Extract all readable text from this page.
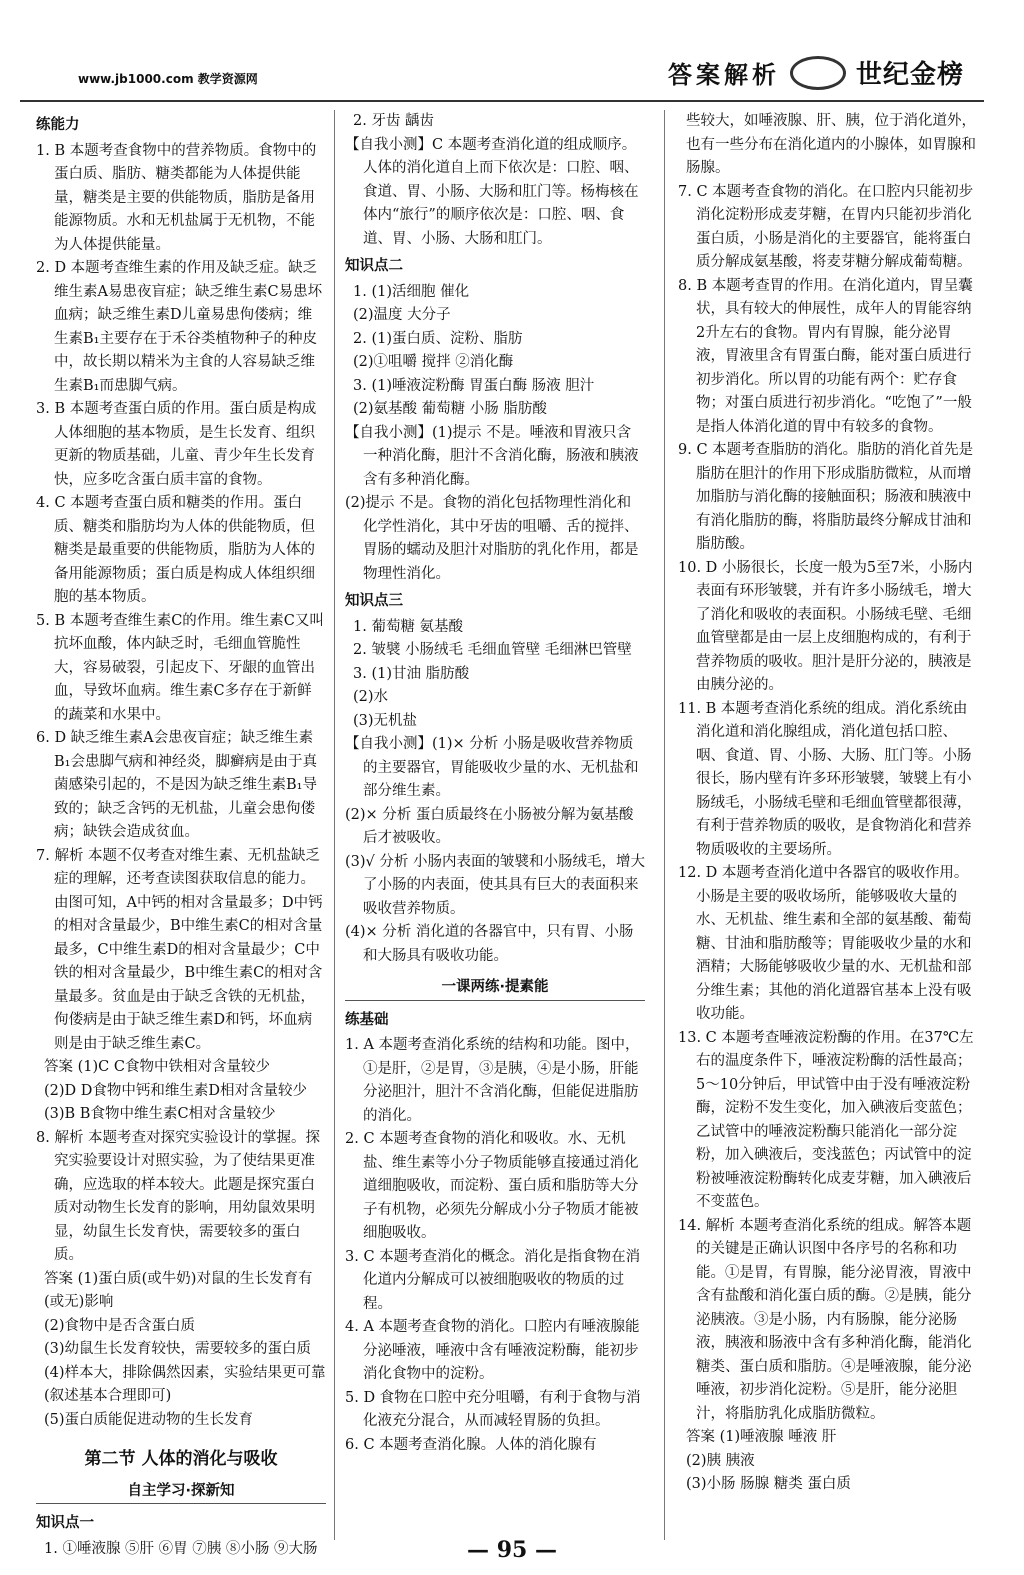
www.jb1000.com 教学资源网	答案解析	世纪金榜
练能力
1. B 本题考查食物中的营养物质。食物中的蛋白质、脂肪、糖类都能为人体提供能量，糖类是主要的供能物质，脂肪是备用能源物质。水和无机盐属于无机物，不能为人体提供能量。
2. D 本题考查维生素的作用及缺乏症。缺乏维生素A易患夜盲症；缺乏维生素C易患坏血病；缺乏维生素D儿童易患佝偻病；维生素B₁主要存在于禾谷类植物种子的种皮中，故长期以精米为主食的人容易缺乏维生素B₁而患脚气病。
3. B 本题考查蛋白质的作用。蛋白质是构成人体细胞的基本物质，是生长发育、组织更新的物质基础，儿童、青少年生长发育快，应多吃含蛋白质丰富的食物。
4. C 本题考查蛋白质和糖类的作用。蛋白质、糖类和脂肪均为人体的供能物质，但糖类是最重要的供能物质，脂肪为人体的备用能源物质；蛋白质是构成人体组织细胞的基本物质。
5. B 本题考查维生素C的作用。维生素C又叫抗坏血酸，体内缺乏时，毛细血管脆性大，容易破裂，引起皮下、牙龈的血管出血，导致坏血病。维生素C多存在于新鲜的蔬菜和水果中。
6. D 缺乏维生素A会患夜盲症；缺乏维生素B₁会患脚气病和神经炎，脚癣病是由于真菌感染引起的，不是因为缺乏维生素B₁导致的；缺乏含钙的无机盐，儿童会患佝偻病；缺铁会造成贫血。
7. 解析 本题不仅考查对维生素、无机盐缺乏症的理解，还考查读图获取信息的能力。由图可知，A中钙的相对含量最多；D中钙的相对含量最少，B中维生素C的相对含量最多，C中维生素D的相对含量最少；C中铁的相对含量最少，B中维生素C的相对含量最多。贫血是由于缺乏含铁的无机盐，佝偻病是由于缺乏维生素D和钙，坏血病则是由于缺乏维生素C。
答案 (1)C C食物中铁相对含量较少
(2)D D食物中钙和维生素D相对含量较少
(3)B B食物中维生素C相对含量较少
8. 解析 本题考查对探究实验设计的掌握。探究实验要设计对照实验，为了使结果更准确，应选取的样本较大。此题是探究蛋白质对动物生长发育的影响，用幼鼠效果明显，幼鼠生长发育快，需要较多的蛋白质。
答案 (1)蛋白质(或牛奶)对鼠的生长发育有(或无)影响
(2)食物中是否含蛋白质
(3)幼鼠生长发育较快，需要较多的蛋白质
(4)样本大，排除偶然因素，实验结果更可靠(叙述基本合理即可)
(5)蛋白质能促进动物的生长发育
第二节 人体的消化与吸收
自主学习·探新知
知识点一
1. ①唾液腺 ⑤肝 ⑥胃 ⑦胰 ⑧小肠 ⑨大肠
2. 牙齿 龋齿
【自我小测】C 本题考查消化道的组成顺序。人体的消化道自上而下依次是：口腔、咽、食道、胃、小肠、大肠和肛门等。杨梅核在体内“旅行”的顺序依次是：口腔、咽、食道、胃、小肠、大肠和肛门。
知识点二
1. (1)活细胞 催化
(2)温度 大分子
2. (1)蛋白质、淀粉、脂肪
(2)①咀嚼 搅拌 ②消化酶
3. (1)唾液淀粉酶 胃蛋白酶 肠液 胆汁
(2)氨基酸 葡萄糖 小肠 脂肪酸
【自我小测】(1)提示 不是。唾液和胃液只含一种消化酶，胆汁不含消化酶，肠液和胰液含有多种消化酶。
(2)提示 不是。食物的消化包括物理性消化和化学性消化，其中牙齿的咀嚼、舌的搅拌、胃肠的蠕动及胆汁对脂肪的乳化作用，都是物理性消化。
知识点三
1. 葡萄糖 氨基酸
2. 皱襞 小肠绒毛 毛细血管壁 毛细淋巴管壁
3. (1)甘油 脂肪酸
(2)水
(3)无机盐
【自我小测】(1)× 分析 小肠是吸收营养物质的主要器官，胃能吸收少量的水、无机盐和部分维生素。
(2)× 分析 蛋白质最终在小肠被分解为氨基酸后才被吸收。
(3)√ 分析 小肠内表面的皱襞和小肠绒毛，增大了小肠的内表面，使其具有巨大的表面积来吸收营养物质。
(4)× 分析 消化道的各器官中，只有胃、小肠和大肠具有吸收功能。
一课两练·提素能
练基础
1. A 本题考查消化系统的结构和功能。图中，①是肝，②是胃，③是胰，④是小肠，肝能分泌胆汁，胆汁不含消化酶，但能促进脂肪的消化。
2. C 本题考查食物的消化和吸收。水、无机盐、维生素等小分子物质能够直接通过消化道细胞吸收，而淀粉、蛋白质和脂肪等大分子有机物，必须先分解成小分子物质才能被细胞吸收。
3. C 本题考查消化的概念。消化是指食物在消化道内分解成可以被细胞吸收的物质的过程。
4. A 本题考查食物的消化。口腔内有唾液腺能分泌唾液，唾液中含有唾液淀粉酶，能初步消化食物中的淀粉。
5. D 食物在口腔中充分咀嚼，有利于食物与消化液充分混合，从而减轻胃肠的负担。
6. C 本题考查消化腺。人体的消化腺有
些较大，如唾液腺、肝、胰，位于消化道外，也有一些分布在消化道内的小腺体，如胃腺和肠腺。
7. C 本题考查食物的消化。在口腔内只能初步消化淀粉形成麦芽糖，在胃内只能初步消化蛋白质，小肠是消化的主要器官，能将蛋白质分解成氨基酸，将麦芽糖分解成葡萄糖。
8. B 本题考查胃的作用。在消化道内，胃呈囊状，具有较大的伸展性，成年人的胃能容纳2升左右的食物。胃内有胃腺，能分泌胃液，胃液里含有胃蛋白酶，能对蛋白质进行初步消化。所以胃的功能有两个：贮存食物；对蛋白质进行初步消化。“吃饱了”一般是指人体消化道的胃中有较多的食物。
9. C 本题考查脂肪的消化。脂肪的消化首先是脂肪在胆汁的作用下形成脂肪微粒，从而增加脂肪与消化酶的接触面积；肠液和胰液中有消化脂肪的酶，将脂肪最终分解成甘油和脂肪酸。
10. D 小肠很长，长度一般为5至7米，小肠内表面有环形皱襞，并有许多小肠绒毛，增大了消化和吸收的表面积。小肠绒毛壁、毛细血管壁都是由一层上皮细胞构成的，有利于营养物质的吸收。胆汁是肝分泌的，胰液是由胰分泌的。
11. B 本题考查消化系统的组成。消化系统由消化道和消化腺组成，消化道包括口腔、咽、食道、胃、小肠、大肠、肛门等。小肠很长，肠内壁有许多环形皱襞，皱襞上有小肠绒毛，小肠绒毛壁和毛细血管壁都很薄，有利于营养物质的吸收，是食物消化和营养物质吸收的主要场所。
12. D 本题考查消化道中各器官的吸收作用。小肠是主要的吸收场所，能够吸收大量的水、无机盐、维生素和全部的氨基酸、葡萄糖、甘油和脂肪酸等；胃能吸收少量的水和酒精；大肠能够吸收少量的水、无机盐和部分维生素；其他的消化道器官基本上没有吸收功能。
13. C 本题考查唾液淀粉酶的作用。在37℃左右的温度条件下，唾液淀粉酶的活性最高；5～10分钟后，甲试管中由于没有唾液淀粉酶，淀粉不发生变化，加入碘液后变蓝色；乙试管中的唾液淀粉酶只能消化一部分淀粉，加入碘液后，变浅蓝色；丙试管中的淀粉被唾液淀粉酶转化成麦芽糖，加入碘液后不变蓝色。
14. 解析 本题考查消化系统的组成。解答本题的关键是正确认识图中各序号的名称和功能。①是胃，有胃腺，能分泌胃液，胃液中含有盐酸和消化蛋白质的酶。②是胰，能分泌胰液。③是小肠，内有肠腺，能分泌肠液，胰液和肠液中含有多种消化酶，能消化糖类、蛋白质和脂肪。④是唾液腺，能分泌唾液，初步消化淀粉。⑤是肝，能分泌胆汁，将脂肪乳化成脂肪微粒。
答案 (1)唾液腺 唾液 肝
(2)胰 胰液
(3)小肠 肠腺 糖类 蛋白质
— 95 —
